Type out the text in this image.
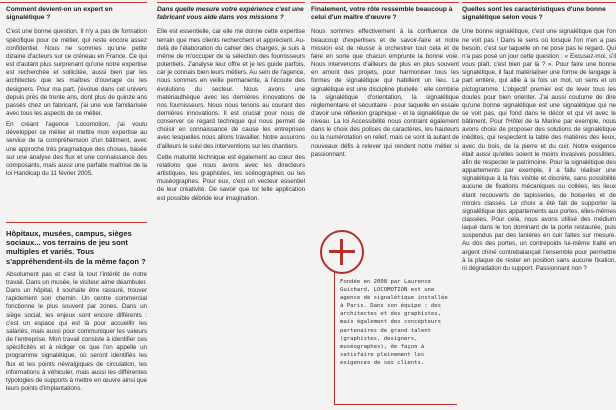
Comment devient-on un expert en signalétique ?
C'est une bonne question. Il n'y a pas de formation spécifique pour ce métier, qui reste encore assez confidentiel. Nous ne sommes qu'une petite dizaine d'acteurs sur ce créneau en France. Ce qui est d'autant plus surprenant qu'une notre expertise est recherchée et sollicitée, aussi bien par les architectes que les maîtres d'ouvrage ou les designers. Pour ma part, j'évolue dans cet univers depuis près de trente ans, dont plus de quinze ans passés chez un fabricant, j'ai une vue familiarisée avec tous les aspects de ce métier.
En créant l'agence Locomotion, j'ai voulu développer ce métier et mettre mon expertise au service de la compréhension d'un bâtiment, avec une approche très pragmatique des choses, basée sur une analyse des flux et une connaissance des composants, mais aussi une parfaite maîtrise de la loi Handicap du 11 février 2005.
Hôpitaux, musées, campus, sièges sociaux... vos terrains de jeu sont multiples et variés. Tous s'appréhendent-ils de la même façon ?
Absolument pas et c'est là tout l'intérêt de notre travail. Dans un musée, le visiteur aime déambuler. Dans un hôpital, il souhaite être rassuré, trouver rapidement son chemin. Un centre commercial fonctionne le plus souvent par zones. Dans un siège social, les enjeux sont encore différents : c'est un espace qui est là pour accueillir les salariés, mais aussi pour communiquer les valeurs de l'entreprise. Mon travail consiste à identifier ces spécificités et à rédiger ce que l'on appelle un programme signalétique, où seront identifiés les flux et les points névralgiques de circulation, les informations à véhiculer, mais aussi les différentes typologies de supports à mettre en œuvre ainsi que leurs points d'implantations.
Dans quelle mesure votre expérience c'est une fabricant vous aide dans vos missions ?
Elle est essentielle, car elle me donne cette expertise terrain que mes clients recherchent et apprécient. Au-delà de l'élaboration du cahier des charges, je suis à même de m'occuper de la sélection des fournisseurs potentiels. J'analyse leur offre et je les guide parfois, car je connais bien leurs métiers. Au sein de l'agence, nous sommes en veille permanente, à l'écoute des évolutions du secteur. Nous avons une matériauthèque avec les dernières innovations de nos fournisseurs. Nous nous tenons au courant des dernières innovations. Il est crucial pour nous de conserver ce regard technique qui nous permet de choisir en connaissance de cause les entreprises avec lesquelles nous allons travailler. Notre assurons d'ailleurs le suivi des interventions sur les chantiers.
Cette maturité technique est également au cœur des relations que nous avons avec les directeurs artistiques, les graphistes, les scénographes ou les muséographes. Pour eux, c'est un vecteur essentiel de leur créativité. De savoir que toi telle application est possible débride leur imagination.
Finalement, votre rôle ressemble beaucoup à celui d'un maître d'œuvre ?
Nous sommes effectivement à la confluence de beaucoup d'expertises et de savoir-faire et notre mission est de réussir à orchestrer tout cela et de faire en sorte que chacun emprunte la bonne voie. Nous intervenons d'ailleurs de plus en plus souvent en amont des projets, pour harmoniser tous les formes de signalétique qui habillent un lieu. La signalétique est une discipline plurielle : elle combine la signalétique d'orientation, la signalétique réglementaire et sécuritaire - pour laquelle en essaie d'avoir une réflexion graphique - et la signalétique de niveau. La loi Accessibilité nous contraint également dans le choix des polices de caractères, les hauteurs ou la numérotation en relief, mais ce sont là autant de nouveaux défis à relever qui rendent notre métier si passionnant.
Fondée en 2008 par Laurence Guichard, LOCOMOTION est une agence de signalétique installée à Paris. Dans son équipe : des architectes et des graphistes, mais également des concepteurs partenaires de grand talent (graphistes, designers, muséographes), de façon à satisfaire pleinement les exigences de ses clients.
Quelles sont les caractéristiques d'une bonne signalétique selon vous ?
Une bonne signalétique, c'est une signalétique que l'on ne voit pas ! Dans le sens où lorsque l'on n'en a pas besoin, c'est sur laquelle on ne pose pas le regard. Qui n'a pas posé un jour cette question : « Excusez-moi, s'il vous plaît, c'est bien par là ? ». Pour faire une bonne signalétique, il faut matérialiser une forme de langage à part entière, qui allie à la fois un mot, un sens et un pictogramme. L'objectif premier est de lever tous les doutes pour bien orienter. J'ai aussi coutume de dire qu'une bonne signalétique est une signalétique qui ne se voit pas, qui fond dans le décor et qui vit avec le bâtiment. Pour l'Hôtel de la Marine par exemple, nous avons choisi de proposer des solutions de signalétique inédites, qui respectent la table des matières des lieux, avec du bois, de la pierre et du cuir. Notre exigence était aussi qu'elles soient le moins invasives possibles, afin de respecter le patrimoine. Pour la signalétique des appartements par exemple, il a fallu réaliser une signalétique à la fois visible et discrète, sans possibilité aucune de fixations mécaniques ou collées, les lieux étant recouverts de tapisseries, de boiseries et de miroirs classés. Le choix a été fait de supporter la signalétique des appartements aux portes, elles-mêmes classées. Pour cela, nous avons utilisé des médium laqué dans le ton dominant de la porte restaurée, puis suspendus par des lanières en cuir faites sur mesure. Au dos des portes, un contrepoids lui-même traité en argent chiné contrebalançait l'ensemble pour permettre à la plaque de rester en position sans aucune fixation, ni dégradation du support. Passionnant non ?
